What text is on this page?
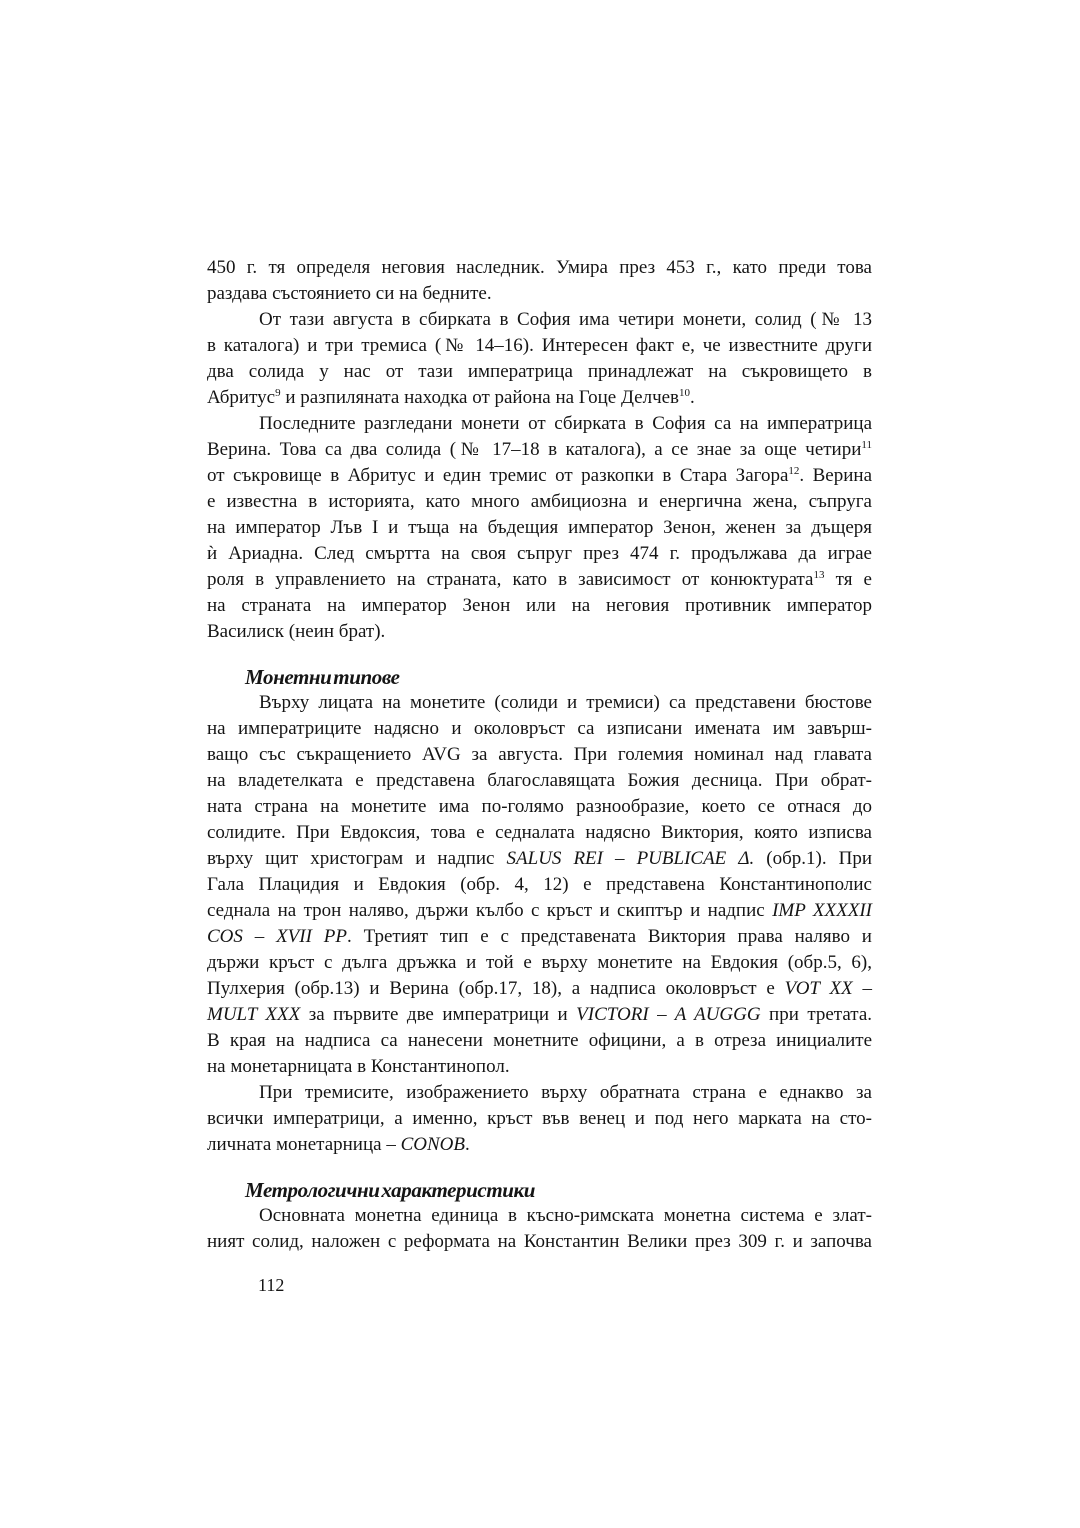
450 г. тя определя неговия наследник. Умира през 453 г., като преди това
раздава състоянието си на бедните.
От тази августа в сбирката в София има четири монети, солид (№ 13
в каталога) и три тремиса (№ 14–16). Интересен факт е, че известните други
два солида у нас от тази императрица принадлежат на съкровището в
Абритус$^9$ и разпиляната находка от района на Гоце Делчев$^{10}$.
Последните разгледани монети от сбирката в София са на императрица
Верина. Това са два солида (№ 17–18 в каталога), а се знае за още четири$^{11}$
от съкровище в Абритус и един тремис от разкопки в Стара Загора$^{12}$. Верина
е известна в историята, като много амбициозна и енергична жена, съпруга
на император Лъв I и тъща на бъдещия император Зенон, женен за дъщеря
ѝ Ариадна. След смъртта на своя съпруг през 474 г. продължава да играе
роля в управлението на страната, като в зависимост от конюктурата$^{13}$ тя е
на страната на император Зенон или на неговия противник император
Василиск (неин брат).
Монетни типове
Върху лицата на монетите (солиди и тремиси) са представени бюстове
на императриците надясно и околовръст са изписани имената им завърш-
ващо със съкращението AVG за августа. При големия номинал над главата
на владетелката е представена благославящата Божия десница. При обрат-
ната страна на монетите има по-голямо разнообразие, което се отнася до
солидите. При Евдоксия, това е седналата надясно Виктория, която изписва
върху щит христограм и надпис SALUS REI – PUBLICAE Δ. (обр.1). При
Гала Плацидия и Евдокия (обр. 4, 12) е представена Константинополис
седнала на трон наляво, държи кълбо с кръст и скиптър и надпис IMP XXXXII
COS – XVII PP. Третият тип е с представената Виктория права наляво и
държи кръст с дълга дръжка и той е върху монетите на Евдокия (обр.5, 6),
Пулхерия (обр.13) и Верина (обр.17, 18), а надписа околовръст е VOT XX –
MULT XXX за първите две императрици и VICTORI – A AUGGG при третата.
В края на надписа са нанесени монетните официни, а в отреза инициалите
на монетарницата в Константинопол.
При тремисите, изображението върху обратната страна е еднакво за
всички императрици, а именно, кръст във венец и под него марката на сто-
личната монетарница – CONOB.
Метрологични характеристики
Основната монетна единица в късно-римската монетна система е злат-
ният солид, наложен с реформата на Константин Велики през 309 г. и започва
112
